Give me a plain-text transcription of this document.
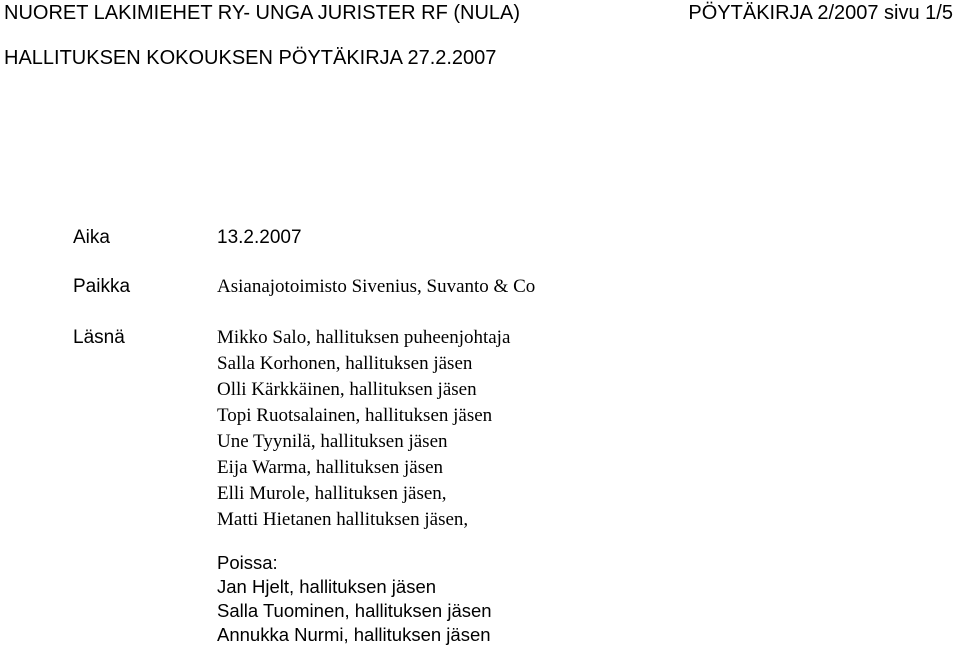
NUORET LAKIMIEHET RY- UNGA JURISTER RF (NULA)	PÖYTÄKIRJA 2/2007 sivu 1/5
HALLITUKSEN KOKOUKSEN PÖYTÄKIRJA 27.2.2007
Aika	13.2.2007
Paikka	Asianajotoimisto Sivenius, Suvanto & Co
Läsnä	Mikko Salo, hallituksen puheenjohtaja
Salla Korhonen, hallituksen jäsen
Olli Kärkkäinen, hallituksen jäsen
Topi Ruotsalainen, hallituksen jäsen
Une Tyynilä, hallituksen jäsen
Eija Warma, hallituksen jäsen
Elli Murole, hallituksen jäsen,
Matti Hietanen hallituksen jäsen,
Poissa:
Jan Hjelt, hallituksen jäsen
Salla Tuominen, hallituksen jäsen
Annukka Nurmi, hallituksen jäsen
